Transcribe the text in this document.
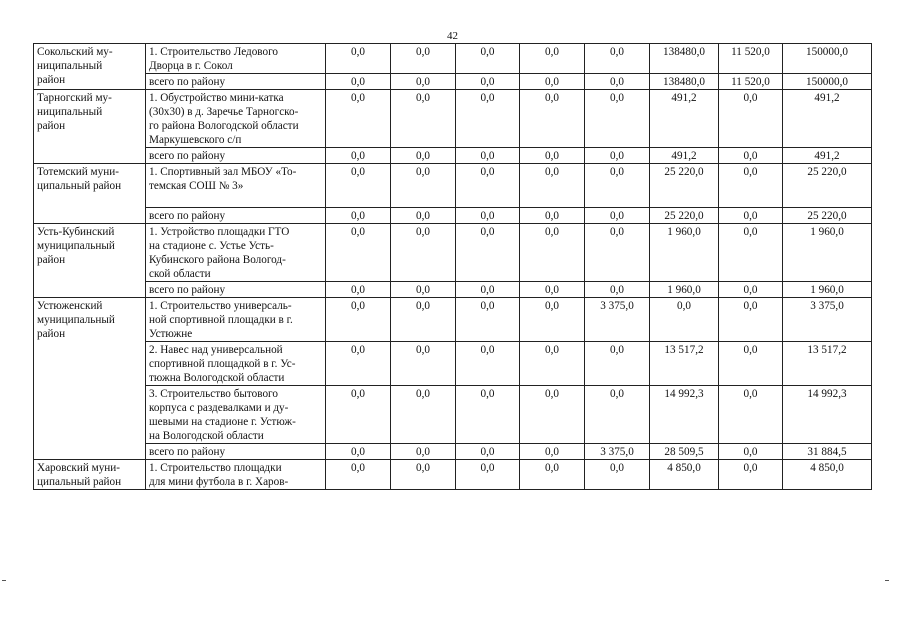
42
Сокольский му-
ниципальный
район	1. Строительство Ледового
Дворца в г. Сокол	0,0	0,0	0,0	0,0	0,0	138480,0	11 520,0	150000,0
	всего по району	0,0	0,0	0,0	0,0	0,0	138480,0	11 520,0	150000,0
Тарногский му-
ниципальный
район	1. Обустройство мини-катка
(30х30) в д. Заречье Тарногско-
го района Вологодской области
Маркушевского с/п	0,0	0,0	0,0	0,0	0,0	491,2	0,0	491,2
	всего по району	0,0	0,0	0,0	0,0	0,0	491,2	0,0	491,2
Тотемский муни-
ципальный район	1. Спортивный зал МБОУ «То-
темская СОШ № 3»	0,0	0,0	0,0	0,0	0,0	25 220,0	0,0	25 220,0
	всего по району	0,0	0,0	0,0	0,0	0,0	25 220,0	0,0	25 220,0
Усть-Кубинский
муниципальный
район	1. Устройство площадки ГТО
на стадионе с. Устье Усть-
Кубинского района Вологод-
ской области	0,0	0,0	0,0	0,0	0,0	1 960,0	0,0	1 960,0
	всего по району	0,0	0,0	0,0	0,0	0,0	1 960,0	0,0	1 960,0
Устюженский
муниципальный
район	1. Строительство универсаль-
ной спортивной площадки в г.
Устюжне	0,0	0,0	0,0	0,0	3 375,0	0,0	0,0	3 375,0
	2. Навес над универсальной
спортивной площадкой в г. Ус-
тюжна Вологодской области	0,0	0,0	0,0	0,0	0,0	13 517,2	0,0	13 517,2
	3. Строительство бытового
корпуса с раздевалками и ду-
шевыми на стадионе г. Устюж-
на Вологодской области	0,0	0,0	0,0	0,0	0,0	14 992,3	0,0	14 992,3
	всего по району	0,0	0,0	0,0	0,0	3 375,0	28 509,5	0,0	31 884,5
Харовский муни-
ципальный район	1. Строительство площадки
для мини футбола в г. Харов-	0,0	0,0	0,0	0,0	0,0	4 850,0	0,0	4 850,0
